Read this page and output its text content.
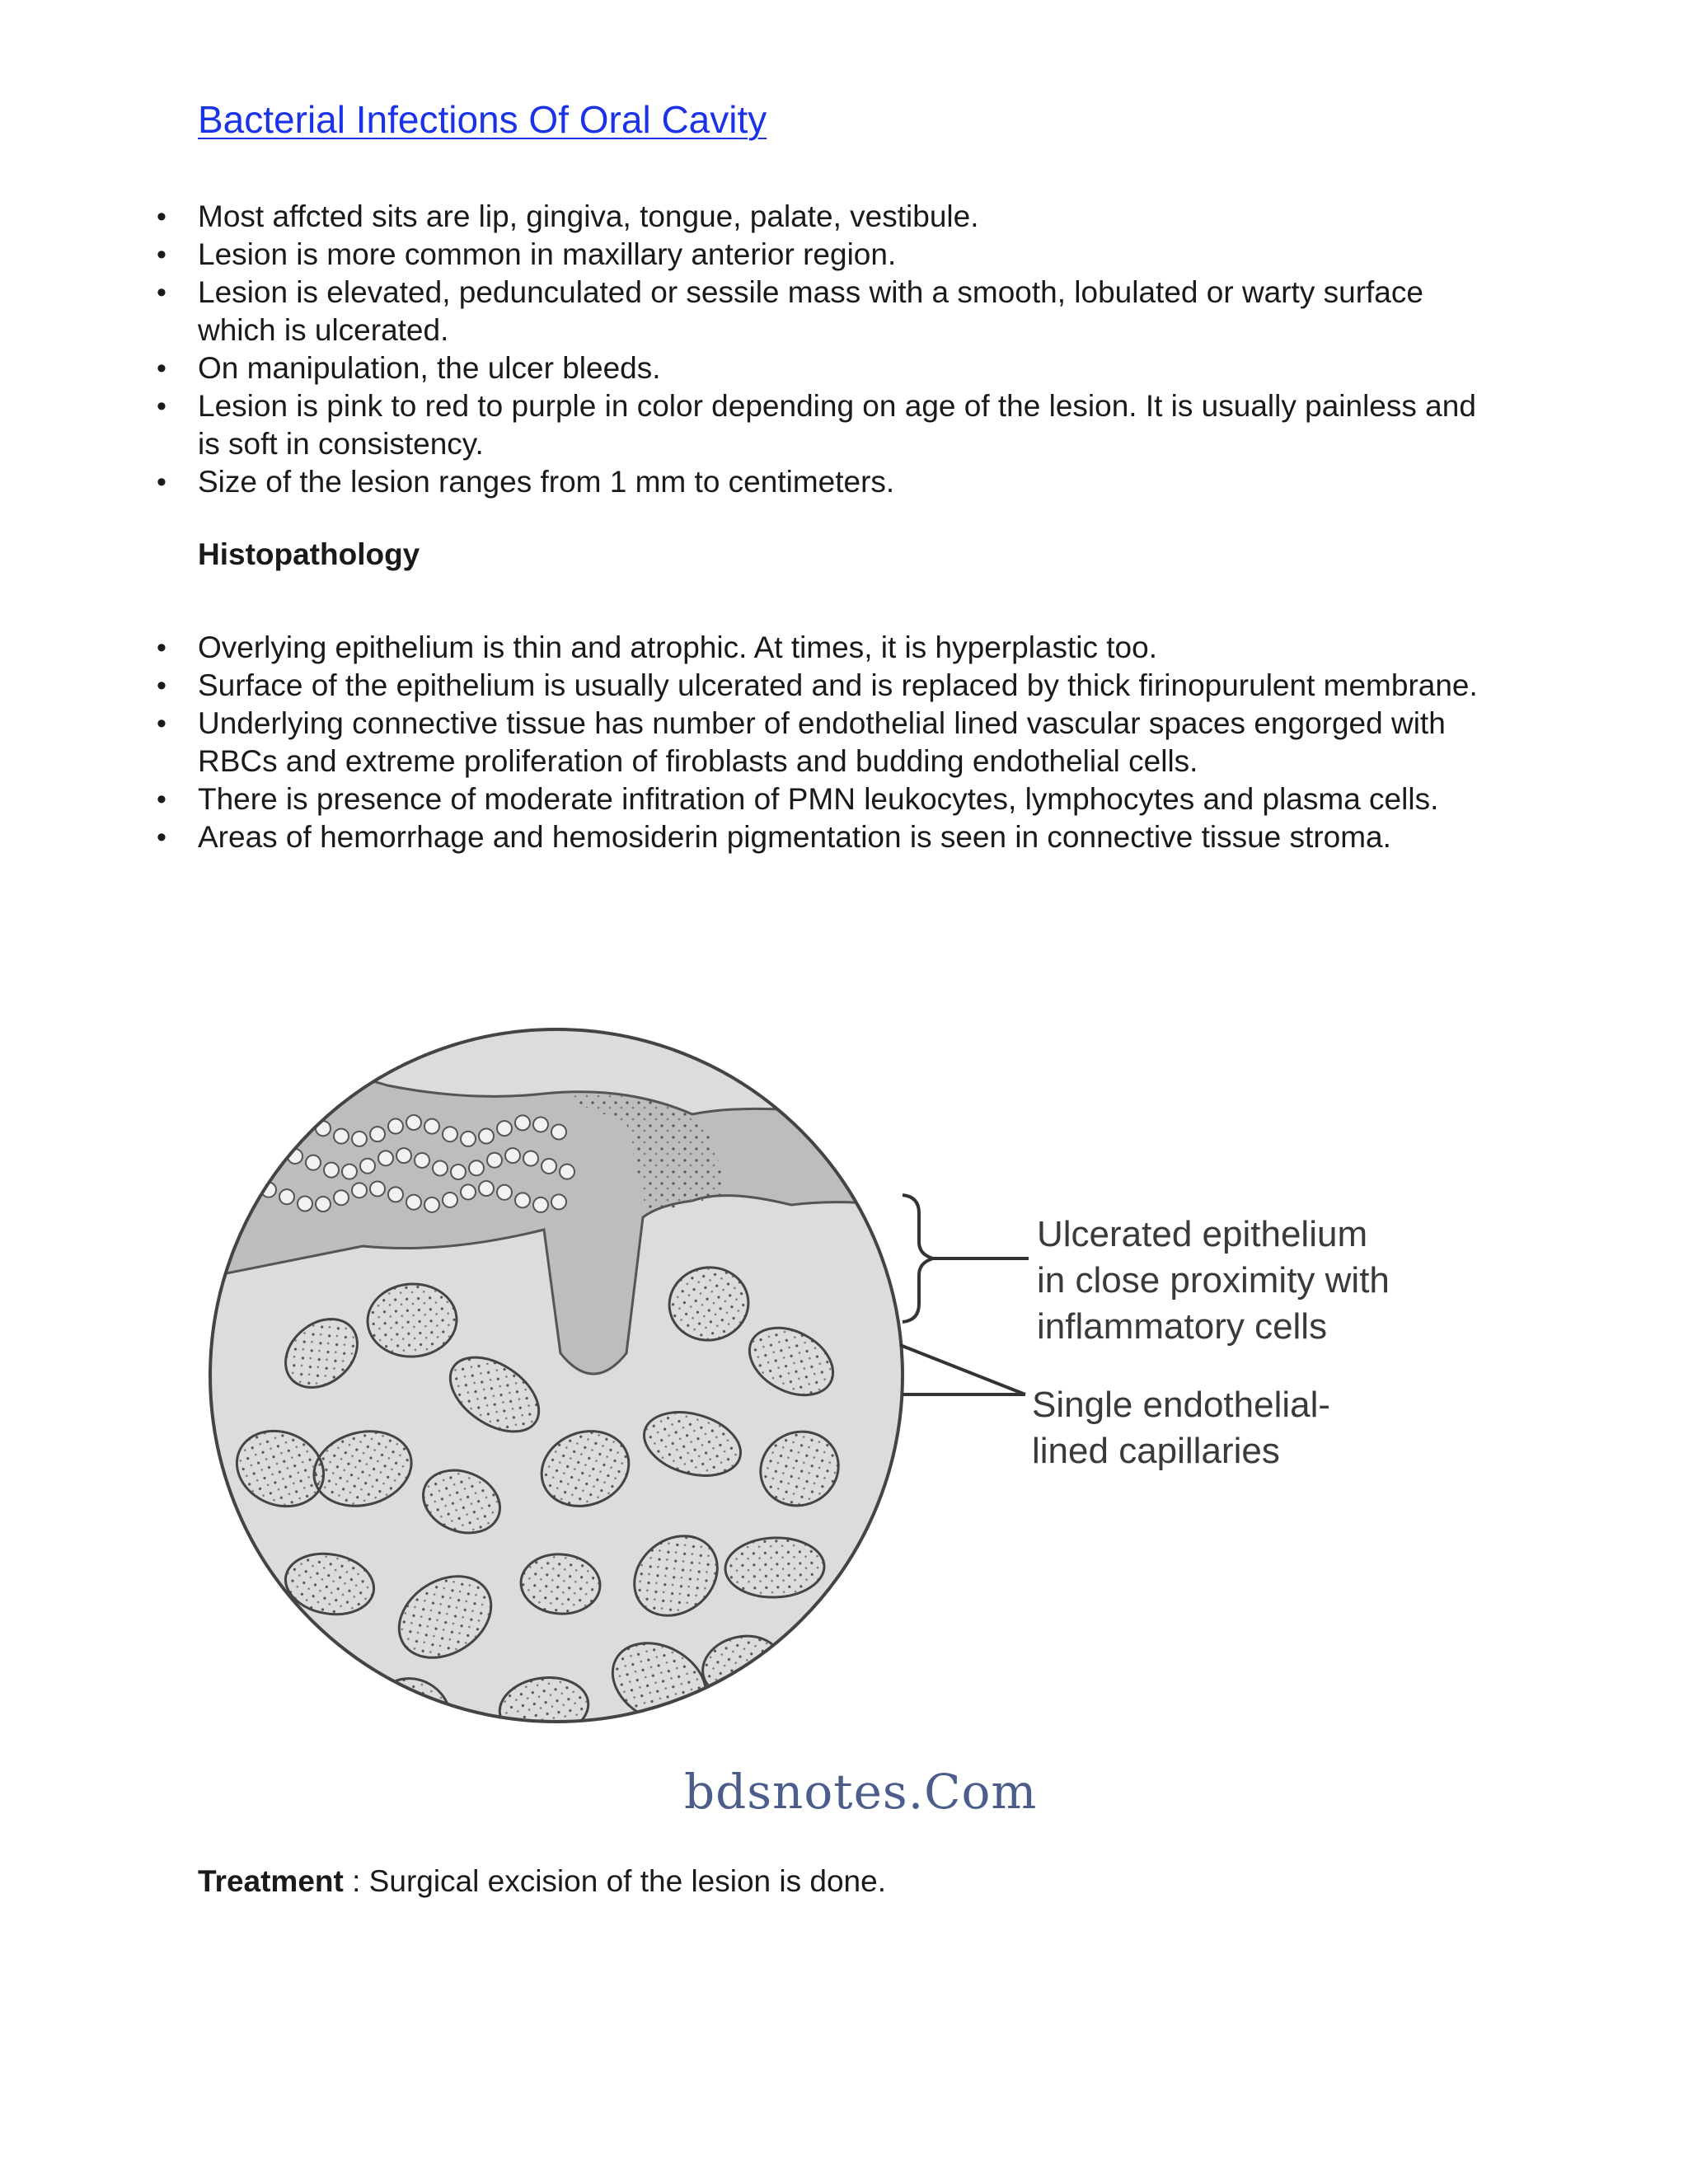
Bacterial Infections Of Oral Cavity
• Most affcted sits are lip, gingiva, tongue, palate, vestibule.
• Lesion is more common in maxillary anterior region.
• Lesion is elevated, pedunculated or sessile mass with a smooth, lobulated or warty surface which is ulcerated.
• On manipulation, the ulcer bleeds.
• Lesion is pink to red to purple in color depending on age of the lesion. It is usually painless and is soft in consistency.
• Size of the lesion ranges from 1 mm to centimeters.
Histopathology
• Overlying epithelium is thin and atrophic. At times, it is hyperplastic too.
• Surface of the epithelium is usually ulcerated and is replaced by thick firinopurulent membrane.
• Underlying connective tissue has number of endothelial lined vascular spaces engorged with RBCs and extreme proliferation of firoblasts and budding endothelial cells.
• There is presence of moderate infitration of PMN leukocytes, lymphocytes and plasma cells.
• Areas of hemorrhage and hemosiderin pigmentation is seen in connective tissue stroma.
Ulcerated epithelium
in close proximity with
inflammatory cells
Single endothelial-
lined capillaries
bdsnotes.Com
Treatment : Surgical excision of the lesion is done.
